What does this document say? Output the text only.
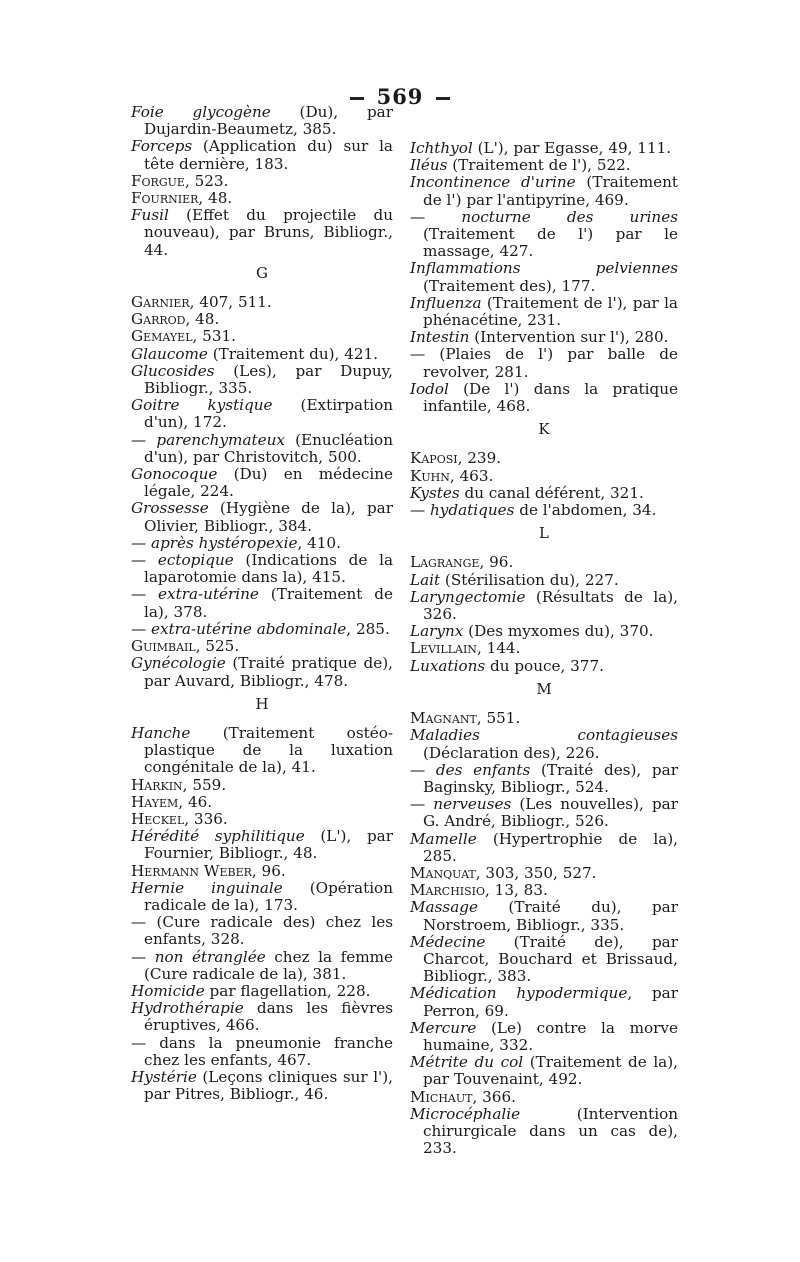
569

Foie glycogène (Du), par Dujardin-Beaumetz, 385.

Forceps (Application du) sur la tête dernière, 183.

Forgue, 523.

Fournier, 48.

Fusil (Effet du projectile du nouveau), par Bruns, Bibliogr., 44.

G

Garnier, 407, 511.

Garrod, 48.

Gemayel, 531.

Glaucome (Traitement du), 421.

Glucosides (Les), par Dupuy, Bibliogr., 335.

Goitre kystique (Extirpation d'un), 172.

— parenchymateux (Enucléation d'un), par Christovitch, 500.

Gonocoque (Du) en médecine légale, 224.

Grossesse (Hygiène de la), par Olivier, Bibliogr., 384.

— après hystéropexie, 410.

— ectopique (Indications de la laparotomie dans la), 415.

— extra-utérine (Traitement de la), 378.

— extra-utérine abdominale, 285.

Guimbail, 525.

Gynécologie (Traité pratique de), par Auvard, Bibliogr., 478.

H

Hanche (Traitement ostéo-plastique de la luxation congénitale de la), 41.

Harkin, 559.

Hayem, 46.

Heckel, 336.

Hérédité syphilitique (L'), par Fournier, Bibliogr., 48.

Hermann Weber, 96.

Hernie inguinale (Opération radicale de la), 173.

— (Cure radicale des) chez les enfants, 328.

— non étranglée chez la femme (Cure radicale de la), 381.

Homicide par flagellation, 228.

Hydrothérapie dans les fièvres éruptives, 466.

— dans la pneumonie franche chez les enfants, 467.

Hystérie (Leçons cliniques sur l'), par Pitres, Bibliogr., 46.

Ichthyol (L'), par Egasse, 49, 111.

Iléus (Traitement de l'), 522.

Incontinence d'urine (Traitement de l') par l'antipyrine, 469.

— nocturne des urines (Traitement de l') par le massage, 427.

Inflammations pelviennes (Traitement des), 177.

Influenza (Traitement de l'), par la phénacétine, 231.

Intestin (Intervention sur l'), 280.

— (Plaies de l') par balle de revolver, 281.

Iodol (De l') dans la pratique infantile, 468.

K

Kaposi, 239.

Kuhn, 463.

Kystes du canal déférent, 321.

— hydatiques de l'abdomen, 34.

L

Lagrange, 96.

Lait (Stérilisation du), 227.

Laryngectomie (Résultats de la), 326.

Larynx (Des myxomes du), 370.

Levillain, 144.

Luxations du pouce, 377.

M

Magnant, 551.

Maladies contagieuses (Déclaration des), 226.

— des enfants (Traité des), par Baginsky, Bibliogr., 524.

— nerveuses (Les nouvelles), par G. André, Bibliogr., 526.

Mamelle (Hypertrophie de la), 285.

Manquat, 303, 350, 527.

Marchisio, 13, 83.

Massage (Traité du), par Norstroem, Bibliogr., 335.

Médecine (Traité de), par Charcot, Bouchard et Brissaud, Bibliogr., 383.

Médication hypodermique, par Perron, 69.

Mercure (Le) contre la morve humaine, 332.

Métrite du col (Traitement de la), par Touvenaint, 492.

Michaut, 366.

Microcéphalie (Intervention chirurgicale dans un cas de), 233.
